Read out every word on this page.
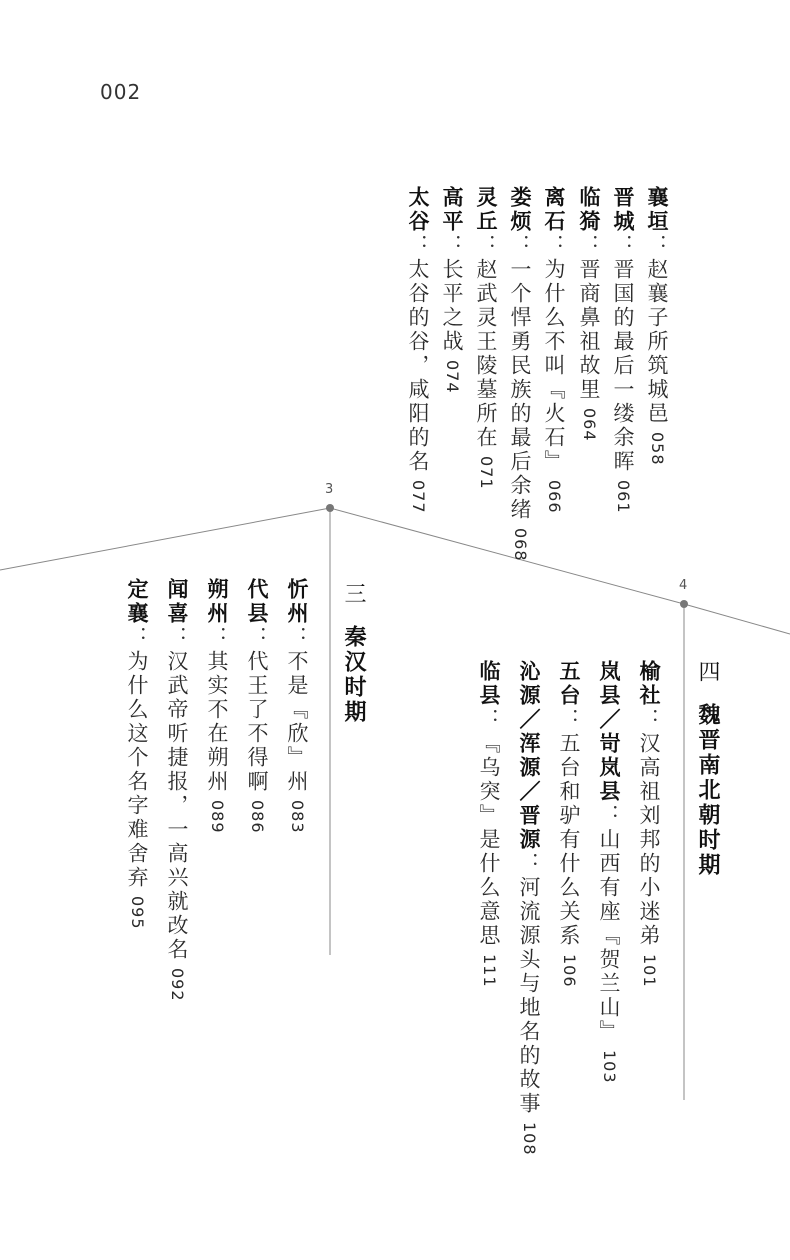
002
3
4
襄垣：赵襄子所筑城邑058
晋城：晋国的最后一缕余晖061
临猗：晋商鼻祖故里064
离石：为什么不叫『火石』066
娄烦：一个悍勇民族的最后余绪068
灵丘：赵武灵王陵墓所在071
高平：长平之战074
太谷：太谷的谷，咸阳的名077
三秦汉时期
忻州：不是『欣』州083
代县：代王了不得啊086
朔州：其实不在朔州089
闻喜：汉武帝听捷报，一高兴就改名092
定襄：为什么这个名字难舍弃095
四魏晋南北朝时期
榆社：汉高祖刘邦的小迷弟101
岚县／岢岚县：山西有座『贺兰山』103
五台：五台和驴有什么关系106
沁源／浑源／晋源：河流源头与地名的故事108
临县：『乌突』是什么意思111
